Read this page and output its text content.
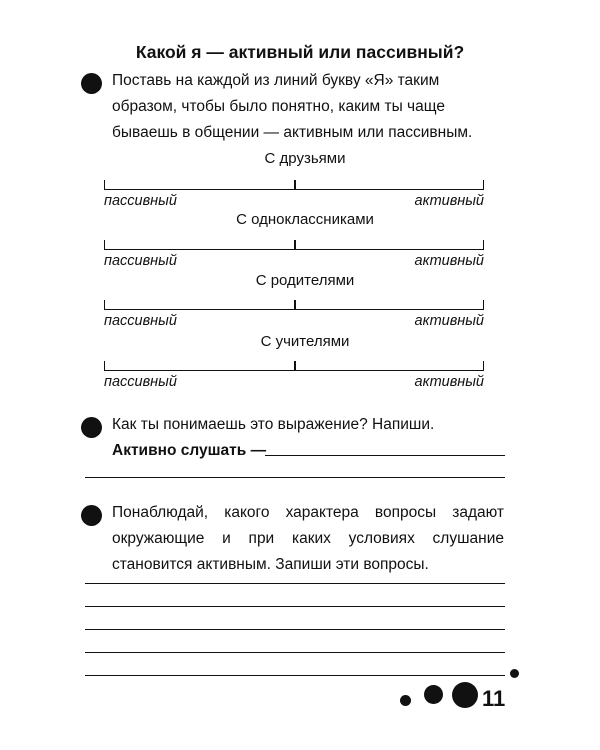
Какой я — активный или пассивный?

Поставь на каждой из линий букву «Я» таким образом, чтобы было понятно, каким ты чаще бываешь в общении — активным или пассивным.

С друзьями

пассивный	активный

С одноклассниками

пассивный	активный

С родителями

пассивный	активный

С учителями

пассивный	активный

Как ты понимаешь это выражение? Напиши.

Активно слушать —

Понаблюдай, какого характера вопросы задают окружающие и при каких условиях слушание становится активным. Запиши эти вопросы.

11
